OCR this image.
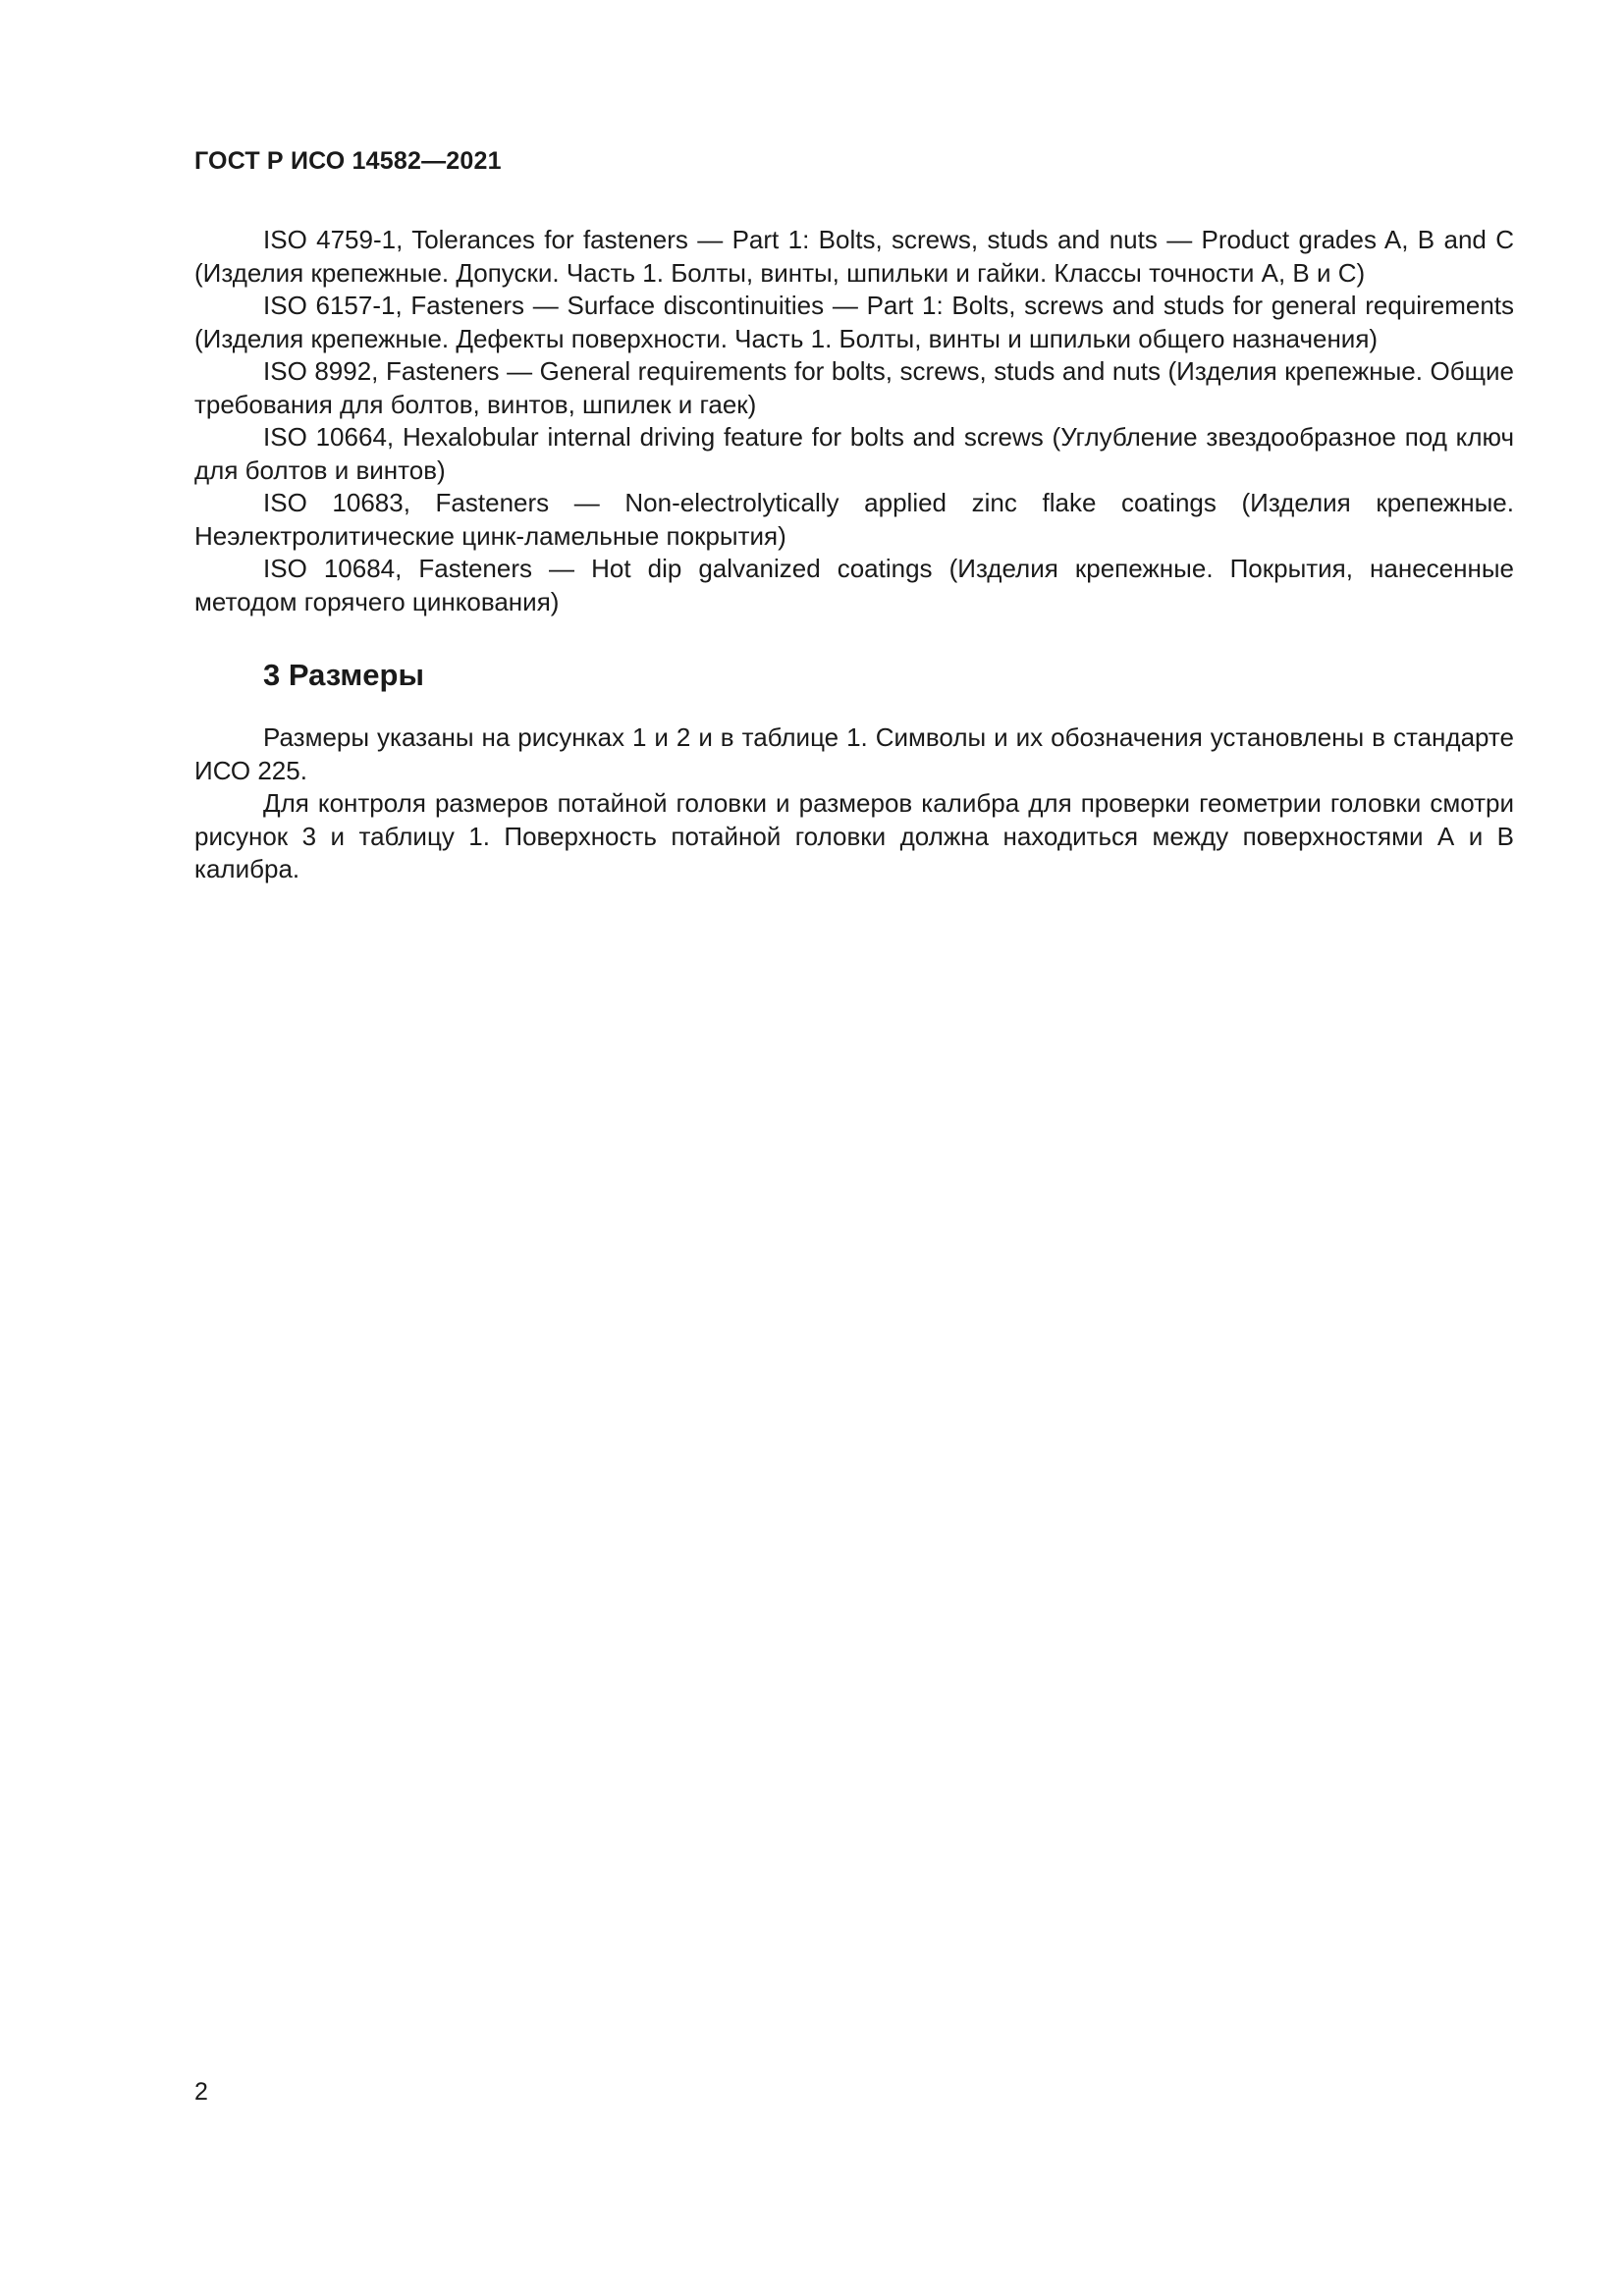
ГОСТ Р ИСО 14582—2021

ISO 4759-1, Tolerances for fasteners — Part 1: Bolts, screws, studs and nuts — Product grades A, B and C (Изделия крепежные. Допуски. Часть 1. Болты, винты, шпильки и гайки. Классы точности А, В и С)

ISO 6157-1, Fasteners — Surface discontinuities — Part 1: Bolts, screws and studs for general requirements (Изделия крепежные. Дефекты поверхности. Часть 1. Болты, винты и шпильки общего назначения)

ISO 8992, Fasteners — General requirements for bolts, screws, studs and nuts (Изделия крепежные. Общие требования для болтов, винтов, шпилек и гаек)

ISO 10664, Hexalobular internal driving feature for bolts and screws (Углубление звездообразное под ключ для болтов и винтов)

ISO 10683, Fasteners — Non-electrolytically applied zinc flake coatings (Изделия крепежные. Неэлектролитические цинк-ламельные покрытия)

ISO 10684, Fasteners — Hot dip galvanized coatings (Изделия крепежные. Покрытия, нанесенные методом горячего цинкования)

3 Размеры

Размеры указаны на рисунках 1 и 2 и в таблице 1. Символы и их обозначения установлены в стандарте ИСО 225.

Для контроля размеров потайной головки и размеров калибра для проверки геометрии головки смотри рисунок 3 и таблицу 1. Поверхность потайной головки должна находиться между поверхностями А и В калибра.

2
